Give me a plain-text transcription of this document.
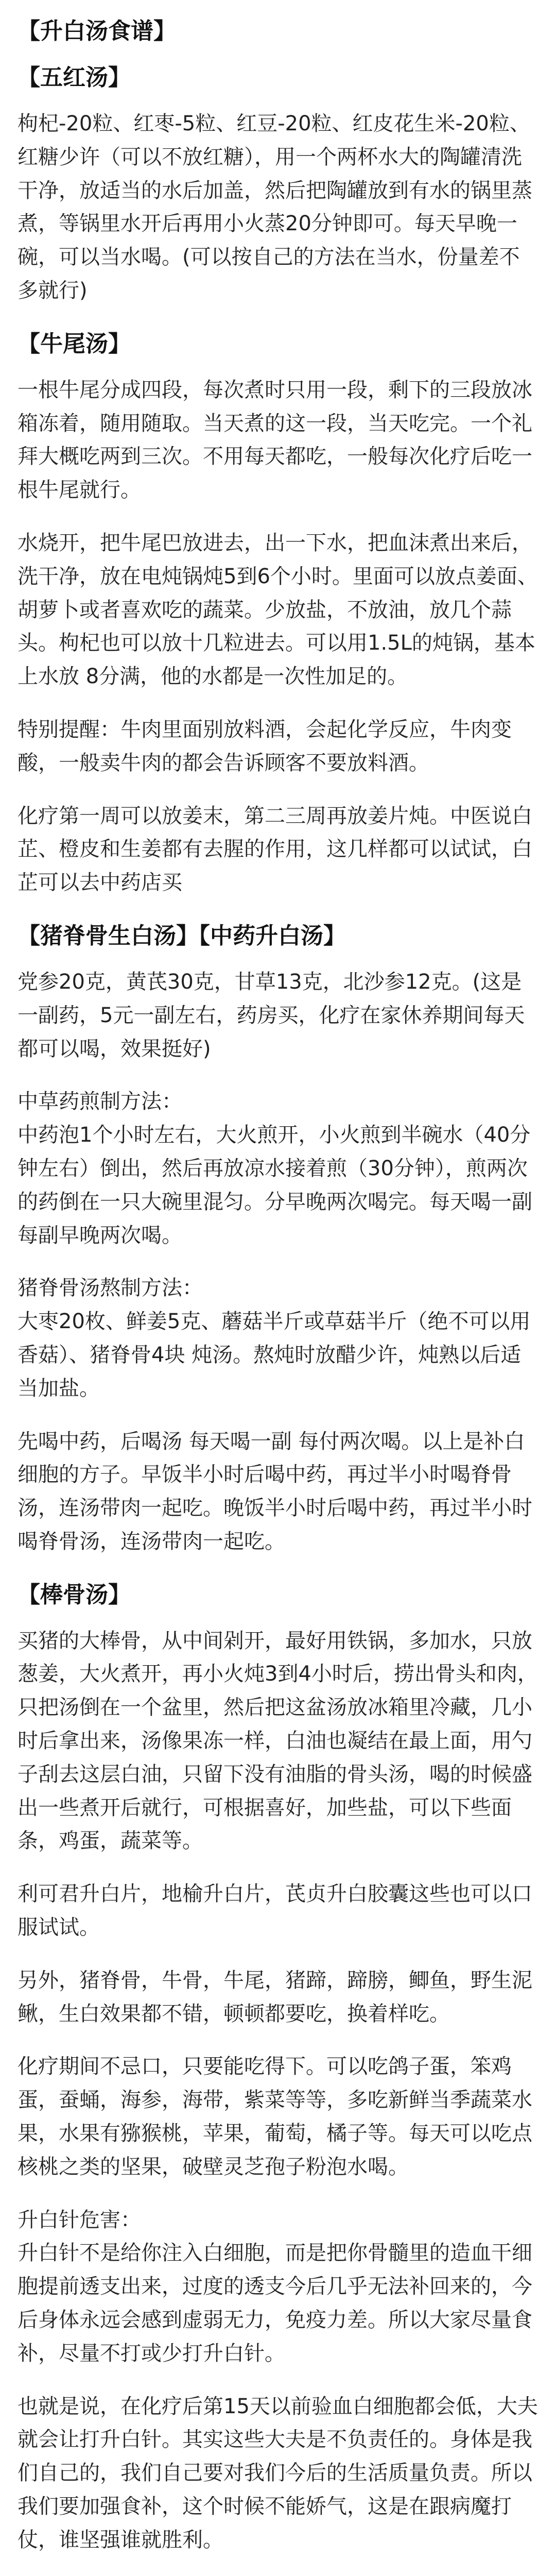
【升白汤食谱】
【五红汤】
枸杞-20粒、红枣-5粒、红豆-20粒、红皮花生米-20粒、红糖少许（可以不放红糖），用一个两杯水大的陶罐清洗干净，放适当的水后加盖，然后把陶罐放到有水的锅里蒸煮，等锅里水开后再用小火蒸20分钟即可。每天早晚一碗，可以当水喝。(可以按自己的方法在当水，份量差不多就行)
【牛尾汤】
一根牛尾分成四段，每次煮时只用一段，剩下的三段放冰箱冻着，随用随取。当天煮的这一段，当天吃完。一个礼拜大概吃两到三次。不用每天都吃，一般每次化疗后吃一根牛尾就行。
水烧开，把牛尾巴放进去，出一下水，把血沫煮出来后，洗干净，放在电炖锅炖5到6个小时。里面可以放点姜面、胡萝卜或者喜欢吃的蔬菜。少放盐，不放油，放几个蒜头。枸杞也可以放十几粒进去。可以用1.5L的炖锅，基本上水放 8分满，他的水都是一次性加足的。
特别提醒：牛肉里面别放料酒，会起化学反应，牛肉变酸，一般卖牛肉的都会告诉顾客不要放料酒。
化疗第一周可以放姜末，第二三周再放姜片炖。中医说白芷、橙皮和生姜都有去腥的作用，这几样都可以试试，白芷可以去中药店买
【猪脊骨生白汤】【中药升白汤】
党参20克，黄芪30克，甘草13克，北沙参12克。(这是一副药，5元一副左右，药房买，化疗在家休养期间每天都可以喝，效果挺好)
中草药煎制方法：
中药泡1个小时左右，大火煎开，小火煎到半碗水（40分钟左右）倒出，然后再放凉水接着煎（30分钟），煎两次的药倒在一只大碗里混匀。分早晚两次喝完。每天喝一副 每副早晚两次喝。
猪脊骨汤熬制方法：
大枣20枚、鲜姜5克、蘑菇半斤或草菇半斤（绝不可以用香菇）、猪脊骨4块 炖汤。熬炖时放醋少许，炖熟以后适当加盐。
先喝中药，后喝汤 每天喝一副 每付两次喝。以上是补白细胞的方子。早饭半小时后喝中药，再过半小时喝脊骨汤，连汤带肉一起吃。晚饭半小时后喝中药，再过半小时喝脊骨汤，连汤带肉一起吃。
【棒骨汤】
买猪的大棒骨，从中间剁开，最好用铁锅，多加水，只放葱姜，大火煮开，再小火炖3到4小时后，捞出骨头和肉，只把汤倒在一个盆里，然后把这盆汤放冰箱里冷藏，几小时后拿出来，汤像果冻一样，白油也凝结在最上面，用勺子刮去这层白油，只留下没有油脂的骨头汤，喝的时候盛出一些煮开后就行，可根据喜好，加些盐，可以下些面条，鸡蛋，蔬菜等。
利可君升白片，地榆升白片，芪贞升白胶囊这些也可以口服试试。
另外，猪脊骨，牛骨，牛尾，猪蹄，蹄膀，鲫鱼，野生泥鳅，生白效果都不错，顿顿都要吃，换着样吃。
化疗期间不忌口，只要能吃得下。可以吃鸽子蛋，笨鸡蛋，蚕蛹，海参，海带，紫菜等等，多吃新鲜当季蔬菜水果，水果有猕猴桃，苹果，葡萄，橘子等。每天可以吃点核桃之类的坚果，破壁灵芝孢子粉泡水喝。
升白针危害：
升白针不是给你注入白细胞，而是把你骨髓里的造血干细胞提前透支出来，过度的透支今后几乎无法补回来的，今后身体永远会感到虚弱无力，免疫力差。所以大家尽量食补，尽量不打或少打升白针。
也就是说，在化疗后第15天以前验血白细胞都会低，大夫就会让打升白针。其实这些大夫是不负责任的。身体是我们自己的，我们自己要对我们今后的生活质量负责。所以我们要加强食补，这个时候不能娇气，这是在跟病魔打仗，谁坚强谁就胜利。
